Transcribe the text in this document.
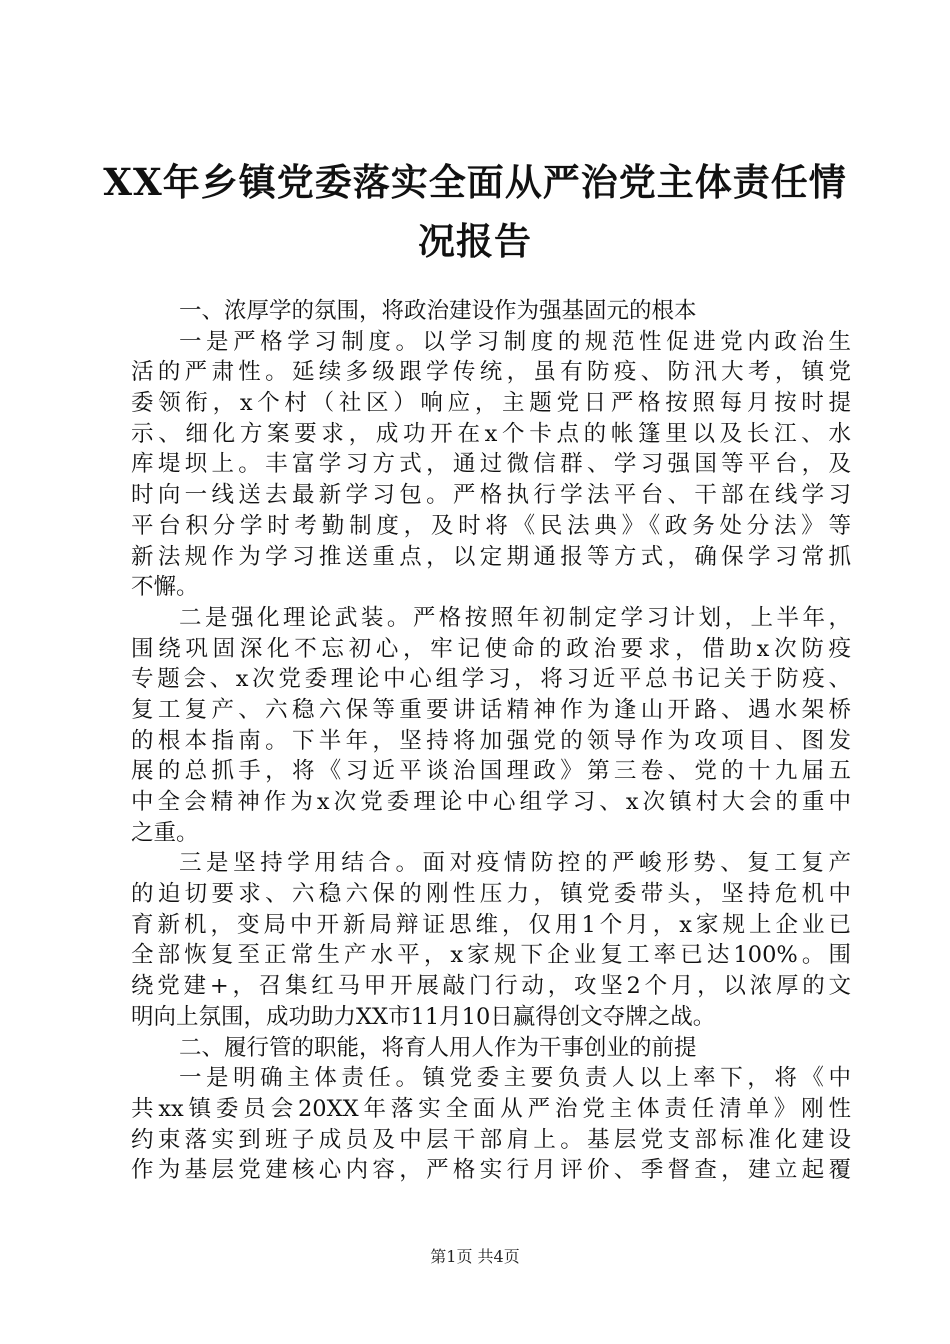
XX年乡镇党委落实全面从严治党主体责任情
况报告
一、浓厚学的氛围，将政治建设作为强基固元的根本
一是严格学习制度。以学习制度的规范性促进党内政治生
活的严肃性。延续多级跟学传统，虽有防疫、防汛大考，镇党
委领衔，x个村（社区）响应，主题党日严格按照每月按时提
示、细化方案要求，成功开在x个卡点的帐篷里以及长江、水
库堤坝上。丰富学习方式，通过微信群、学习强国等平台，及
时向一线送去最新学习包。严格执行学法平台、干部在线学习
平台积分学时考勤制度，及时将《民法典》《政务处分法》等
新法规作为学习推送重点，以定期通报等方式，确保学习常抓
不懈。
二是强化理论武装。严格按照年初制定学习计划，上半年，
围绕巩固深化不忘初心，牢记使命的政治要求，借助x次防疫
专题会、x次党委理论中心组学习，将习近平总书记关于防疫、
复工复产、六稳六保等重要讲话精神作为逢山开路、遇水架桥
的根本指南。下半年，坚持将加强党的领导作为攻项目、图发
展的总抓手，将《习近平谈治国理政》第三卷、党的十九届五
中全会精神作为x次党委理论中心组学习、x次镇村大会的重中
之重。
三是坚持学用结合。面对疫情防控的严峻形势、复工复产
的迫切要求、六稳六保的刚性压力，镇党委带头，坚持危机中
育新机，变局中开新局辩证思维，仅用1个月，x家规上企业已
全部恢复至正常生产水平，x家规下企业复工率已达100%。围
绕党建+，召集红马甲开展敲门行动，攻坚2个月，以浓厚的文
明向上氛围，成功助力XX市11月10日赢得创文夺牌之战。
二、履行管的职能，将育人用人作为干事创业的前提
一是明确主体责任。镇党委主要负责人以上率下，将《中
共xx镇委员会20XX年落实全面从严治党主体责任清单》刚性
约束落实到班子成员及中层干部肩上。基层党支部标准化建设
作为基层党建核心内容，严格实行月评价、季督查，建立起覆
第1页 共4页
